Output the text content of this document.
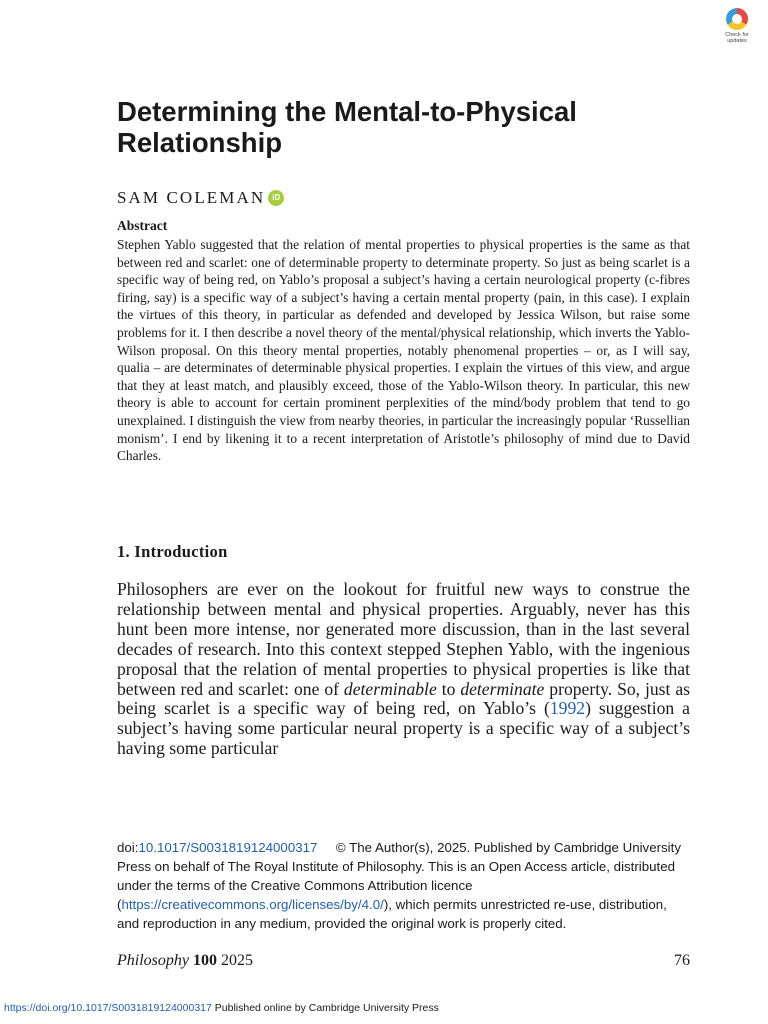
Check for
updates
Determining the Mental-to-Physical Relationship
SAM COLEMAN iD
Abstract

Stephen Yablo suggested that the relation of mental properties to physical properties is the same as that between red and scarlet: one of determinable property to determinate property. So just as being scarlet is a specific way of being red, on Yablo’s proposal a subject’s having a certain neurological property (c-fibres firing, say) is a specific way of a subject’s having a certain mental property (pain, in this case). I explain the virtues of this theory, in particular as defended and developed by Jessica Wilson, but raise some problems for it. I then describe a novel theory of the mental/physical relationship, which inverts the Yablo-Wilson proposal. On this theory mental properties, notably phenomenal properties – or, as I will say, qualia – are determinates of determinable physical properties. I explain the virtues of this view, and argue that they at least match, and plausibly exceed, those of the Yablo-Wilson theory. In particular, this new theory is able to account for certain prominent perplexities of the mind/body problem that tend to go unexplained. I distinguish the view from nearby theories, in particular the increasingly popular ‘Russellian monism’. I end by likening it to a recent interpretation of Aristotle’s philosophy of mind due to David Charles.

1. Introduction

Philosophers are ever on the lookout for fruitful new ways to construe the relationship between mental and physical properties. Arguably, never has this hunt been more intense, nor generated more discussion, than in the last several decades of research. Into this context stepped Stephen Yablo, with the ingenious proposal that the relation of mental properties to physical properties is like that between red and scarlet: one of determinable to determinate property. So, just as being scarlet is a specific way of being red, on Yablo’s (1992) suggestion a subject’s having some particular neural property is a specific way of a subject’s having some particular

doi:10.1017/S0031819124000317     © The Author(s), 2025. Published by Cambridge University Press on behalf of The Royal Institute of Philosophy. This is an Open Access article, distributed under the terms of the Creative Commons Attribution licence (https://creativecommons.org/licenses/by/4.0/), which permits unrestricted re-use, distribution, and reproduction in any medium, provided the original work is properly cited.

Philosophy 100 2025	76
https://doi.org/10.1017/S0031819124000317 Published online by Cambridge University Press
